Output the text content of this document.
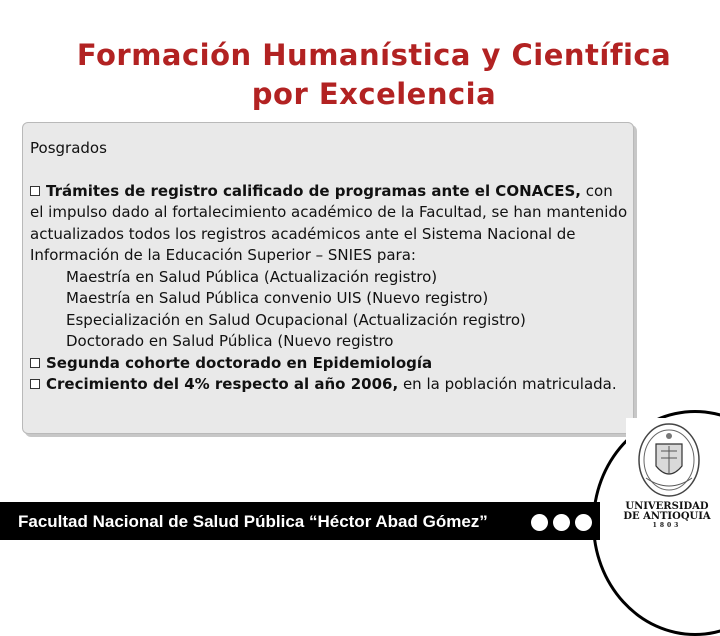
Formación Humanística y Científica
por Excelencia

Posgrados

Trámites de registro calificado de programas ante el CONACES, con el impulso dado al fortalecimiento académico de la Facultad, se han mantenido actualizados todos los registros académicos ante el Sistema Nacional de Información de la Educación Superior – SNIES para:

Maestría en Salud Pública (Actualización registro)

Maestría en Salud Pública convenio UIS (Nuevo registro)

Especialización en Salud Ocupacional (Actualización registro)

Doctorado en Salud Pública (Nuevo registro

Segunda cohorte doctorado en Epidemiología

Crecimiento del 4% respecto al año 2006, en la población matriculada.

Facultad Nacional de Salud Pública “Héctor Abad Gómez”
UNIVERSIDAD
DE ANTIOQUIA
1803
